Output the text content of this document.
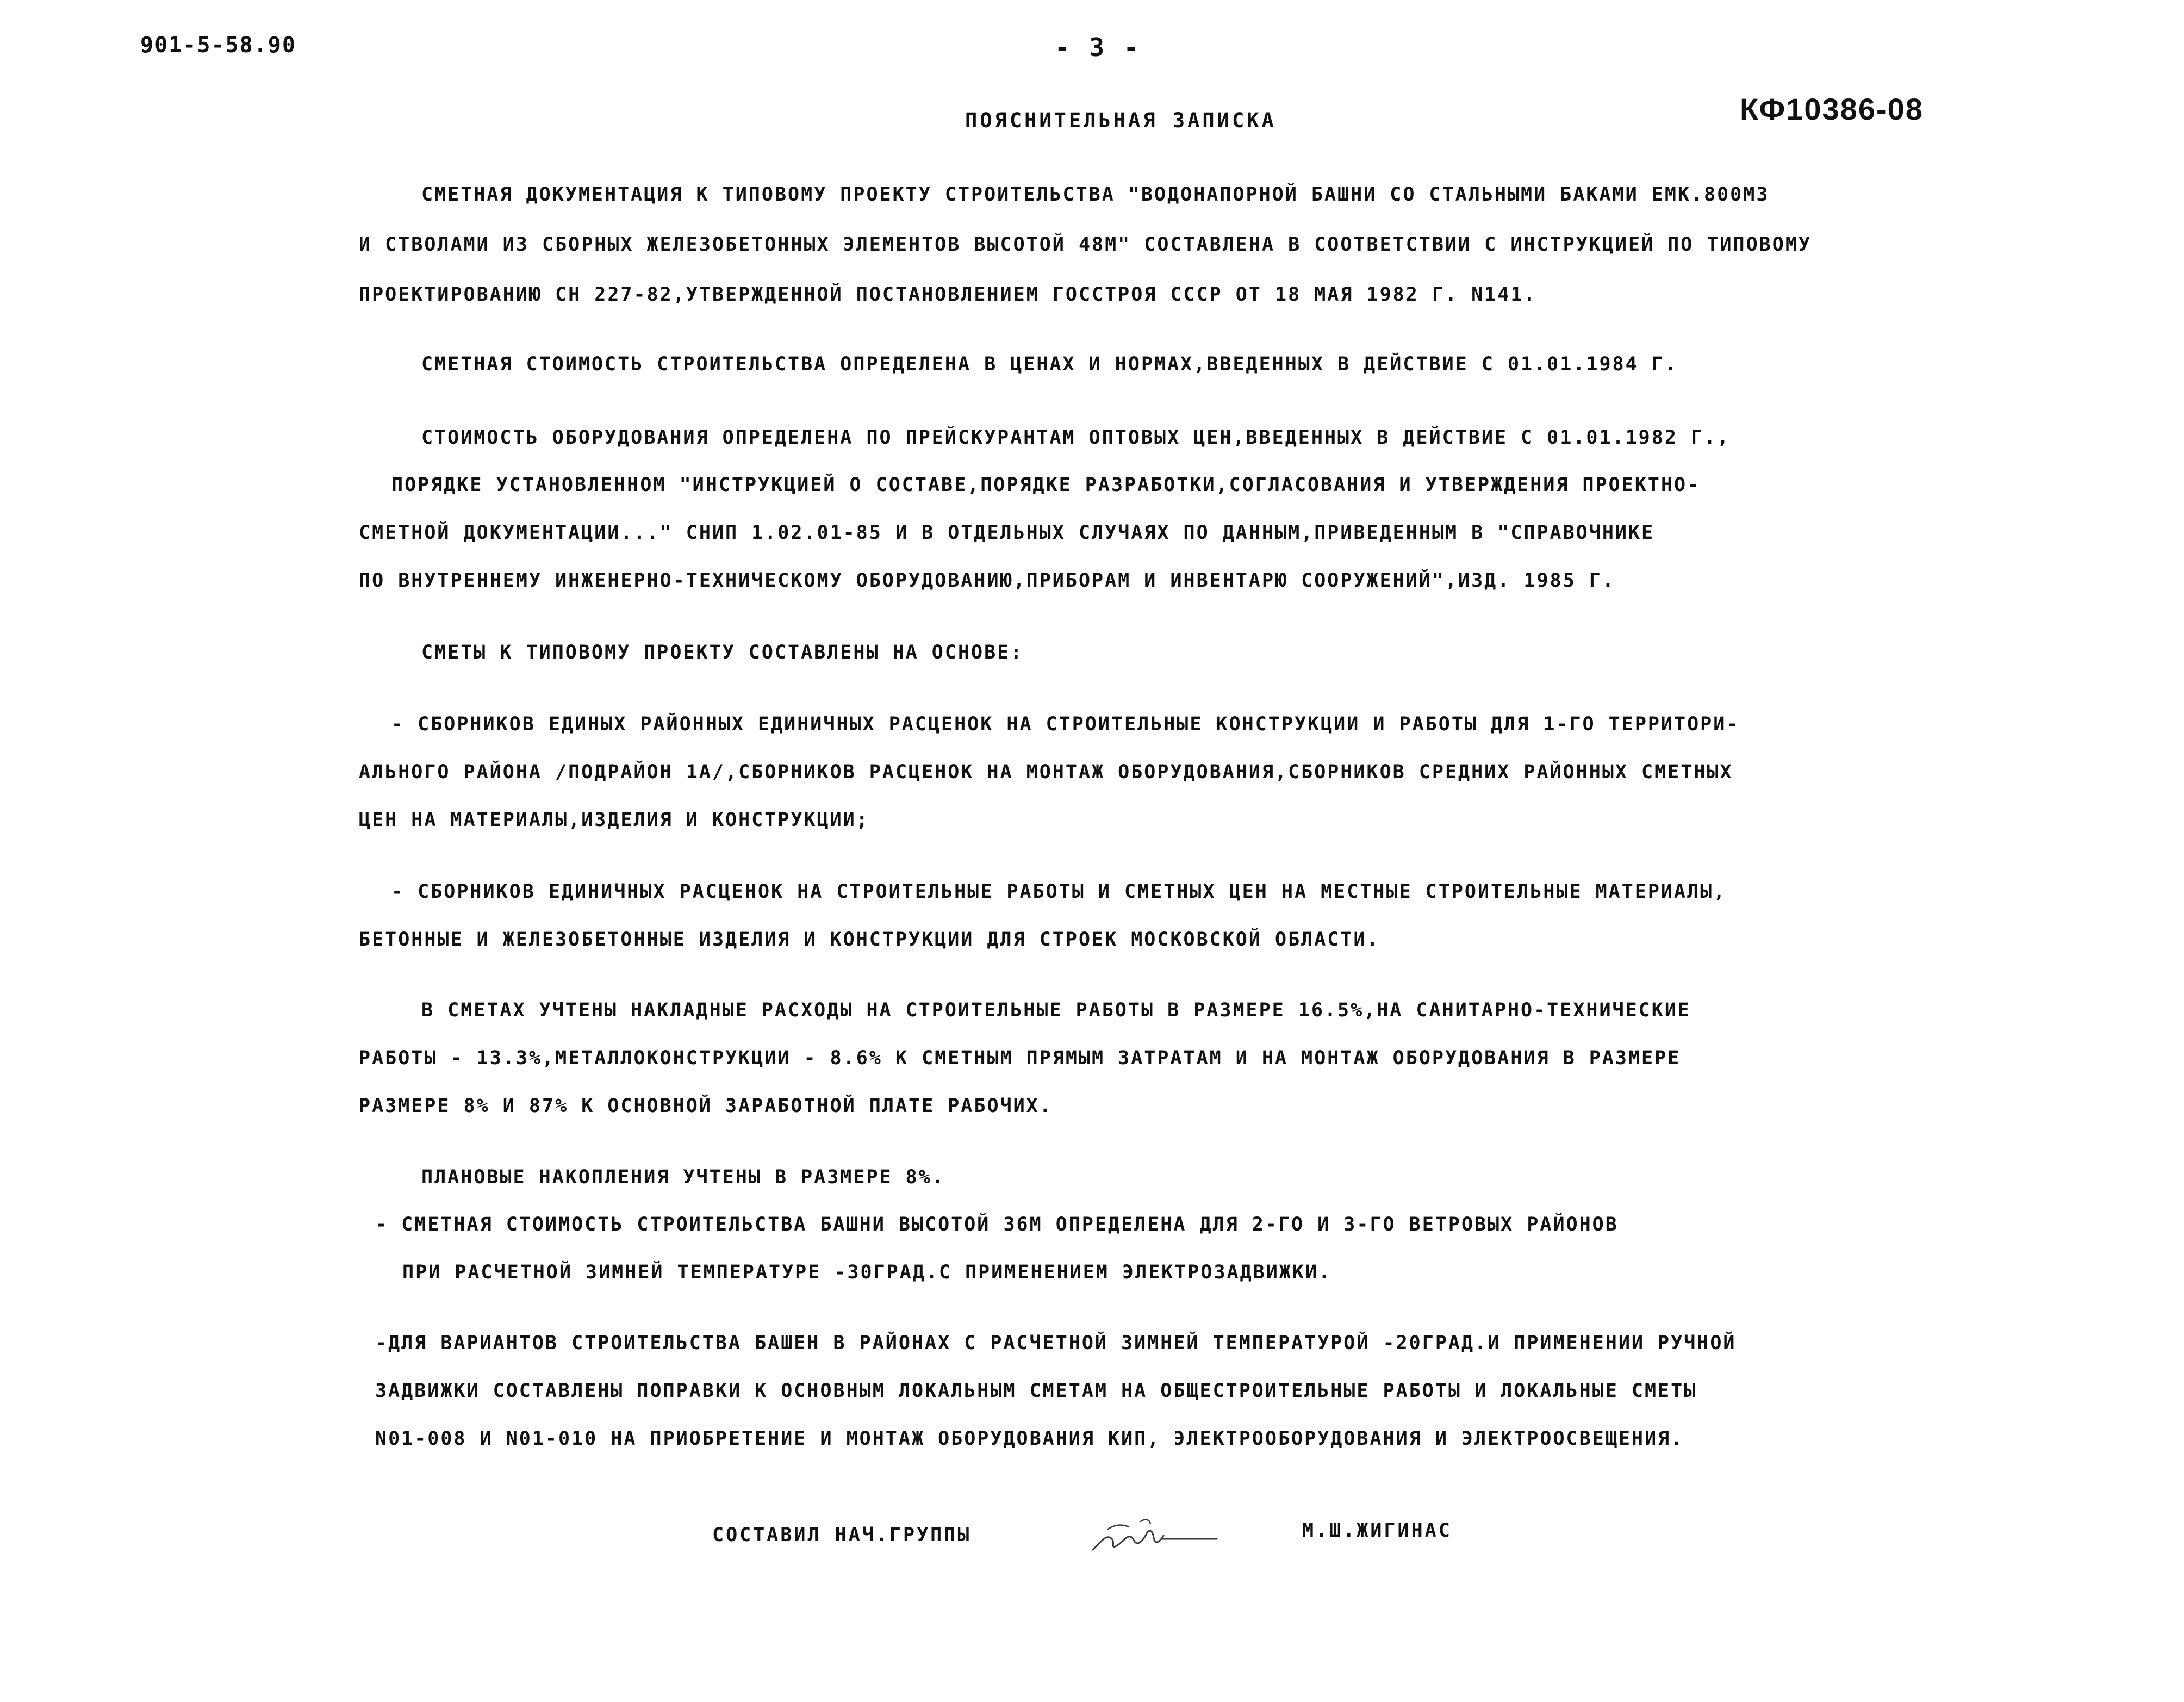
901-5-58.90	- 3 -
КФ10386-08
ПОЯСНИТЕЛЬНАЯ ЗАПИСКА
СМЕТНАЯ ДОКУМЕНТАЦИЯ К ТИПОВОМУ ПРОЕКТУ СТРОИТЕЛЬСТВА "ВОДОНАПОРНОЙ БАШНИ СО СТАЛЬНЫМИ БАКАМИ ЕМК.800М3
И СТВОЛАМИ ИЗ СБОРНЫХ ЖЕЛЕЗОБЕТОННЫХ ЭЛЕМЕНТОВ ВЫСОТОЙ 48М" СОСТАВЛЕНА В СООТВЕТСТВИИ С ИНСТРУКЦИЕЙ ПО ТИПОВОМУ
ПРОЕКТИРОВАНИЮ СН 227-82,УТВЕРЖДЕННОЙ ПОСТАНОВЛЕНИЕМ ГОССТРОЯ СССР ОТ 18 МАЯ 1982 Г. N141.
СМЕТНАЯ СТОИМОСТЬ СТРОИТЕЛЬСТВА ОПРЕДЕЛЕНА В ЦЕНАХ И НОРМАХ,ВВЕДЕННЫХ В ДЕЙСТВИЕ С 01.01.1984 Г.
СТОИМОСТЬ ОБОРУДОВАНИЯ ОПРЕДЕЛЕНА ПО ПРЕЙСКУРАНТАМ ОПТОВЫХ ЦЕН,ВВЕДЕННЫХ В ДЕЙСТВИЕ С 01.01.1982 Г.,
ПОРЯДКЕ УСТАНОВЛЕННОМ "ИНСТРУКЦИЕЙ О СОСТАВЕ,ПОРЯДКЕ РАЗРАБОТКИ,СОГЛАСОВАНИЯ И УТВЕРЖДЕНИЯ ПРОЕКТНО-
СМЕТНОЙ ДОКУМЕНТАЦИИ..." СНИП 1.02.01-85 И В ОТДЕЛЬНЫХ СЛУЧАЯХ ПО ДАННЫМ,ПРИВЕДЕННЫМ В "СПРАВОЧНИКЕ
ПО ВНУТРЕННЕМУ ИНЖЕНЕРНО-ТЕХНИЧЕСКОМУ ОБОРУДОВАНИЮ,ПРИБОРАМ И ИНВЕНТАРЮ СООРУЖЕНИЙ",ИЗД. 1985 Г.
СМЕТЫ К ТИПОВОМУ ПРОЕКТУ СОСТАВЛЕНЫ НА ОСНОВЕ:
- СБОРНИКОВ ЕДИНЫХ РАЙОННЫХ ЕДИНИЧНЫХ РАСЦЕНОК НА СТРОИТЕЛЬНЫЕ КОНСТРУКЦИИ И РАБОТЫ ДЛЯ 1-ГО ТЕРРИТОРИ-
АЛЬНОГО РАЙОНА /ПОДРАЙОН 1А/,СБОРНИКОВ РАСЦЕНОК НА МОНТАЖ ОБОРУДОВАНИЯ,СБОРНИКОВ СРЕДНИХ РАЙОННЫХ СМЕТНЫХ
ЦЕН НА МАТЕРИАЛЫ,ИЗДЕЛИЯ И КОНСТРУКЦИИ;
- СБОРНИКОВ ЕДИНИЧНЫХ РАСЦЕНОК НА СТРОИТЕЛЬНЫЕ РАБОТЫ И СМЕТНЫХ ЦЕН НА МЕСТНЫЕ СТРОИТЕЛЬНЫЕ МАТЕРИАЛЫ,
БЕТОННЫЕ И ЖЕЛЕЗОБЕТОННЫЕ ИЗДЕЛИЯ И КОНСТРУКЦИИ ДЛЯ СТРОЕК МОСКОВСКОЙ ОБЛАСТИ.
В СМЕТАХ УЧТЕНЫ НАКЛАДНЫЕ РАСХОДЫ НА СТРОИТЕЛЬНЫЕ РАБОТЫ В РАЗМЕРЕ 16.5%,НА САНИТАРНО-ТЕХНИЧЕСКИЕ
РАБОТЫ - 13.3%,МЕТАЛЛОКОНСТРУКЦИИ - 8.6% К СМЕТНЫМ ПРЯМЫМ ЗАТРАТАМ И НА МОНТАЖ ОБОРУДОВАНИЯ В РАЗМЕРЕ
РАЗМЕРЕ 8% И 87% К ОСНОВНОЙ ЗАРАБОТНОЙ ПЛАТЕ РАБОЧИХ.
ПЛАНОВЫЕ НАКОПЛЕНИЯ УЧТЕНЫ В РАЗМЕРЕ 8%.
- СМЕТНАЯ СТОИМОСТЬ СТРОИТЕЛЬСТВА БАШНИ ВЫСОТОЙ 36М ОПРЕДЕЛЕНА ДЛЯ 2-ГО И 3-ГО ВЕТРОВЫХ РАЙОНОВ
ПРИ РАСЧЕТНОЙ ЗИМНЕЙ ТЕМПЕРАТУРЕ -30ГРАД.С ПРИМЕНЕНИЕМ ЭЛЕКТРОЗАДВИЖКИ.
-ДЛЯ ВАРИАНТОВ СТРОИТЕЛЬСТВА БАШЕН В РАЙОНАХ С РАСЧЕТНОЙ ЗИМНЕЙ ТЕМПЕРАТУРОЙ -20ГРАД.И ПРИМЕНЕНИИ РУЧНОЙ
ЗАДВИЖКИ СОСТАВЛЕНЫ ПОПРАВКИ К ОСНОВНЫМ ЛОКАЛЬНЫМ СМЕТАМ НА ОБЩЕСТРОИТЕЛЬНЫЕ РАБОТЫ И ЛОКАЛЬНЫЕ СМЕТЫ
N01-008 И N01-010 НА ПРИОБРЕТЕНИЕ И МОНТАЖ ОБОРУДОВАНИЯ КИП, ЭЛЕКТРООБОРУДОВАНИЯ И ЭЛЕКТРООСВЕЩЕНИЯ.
СОСТАВИЛ НАЧ.ГРУППЫ	М.Ш.ЖИГИНАС
